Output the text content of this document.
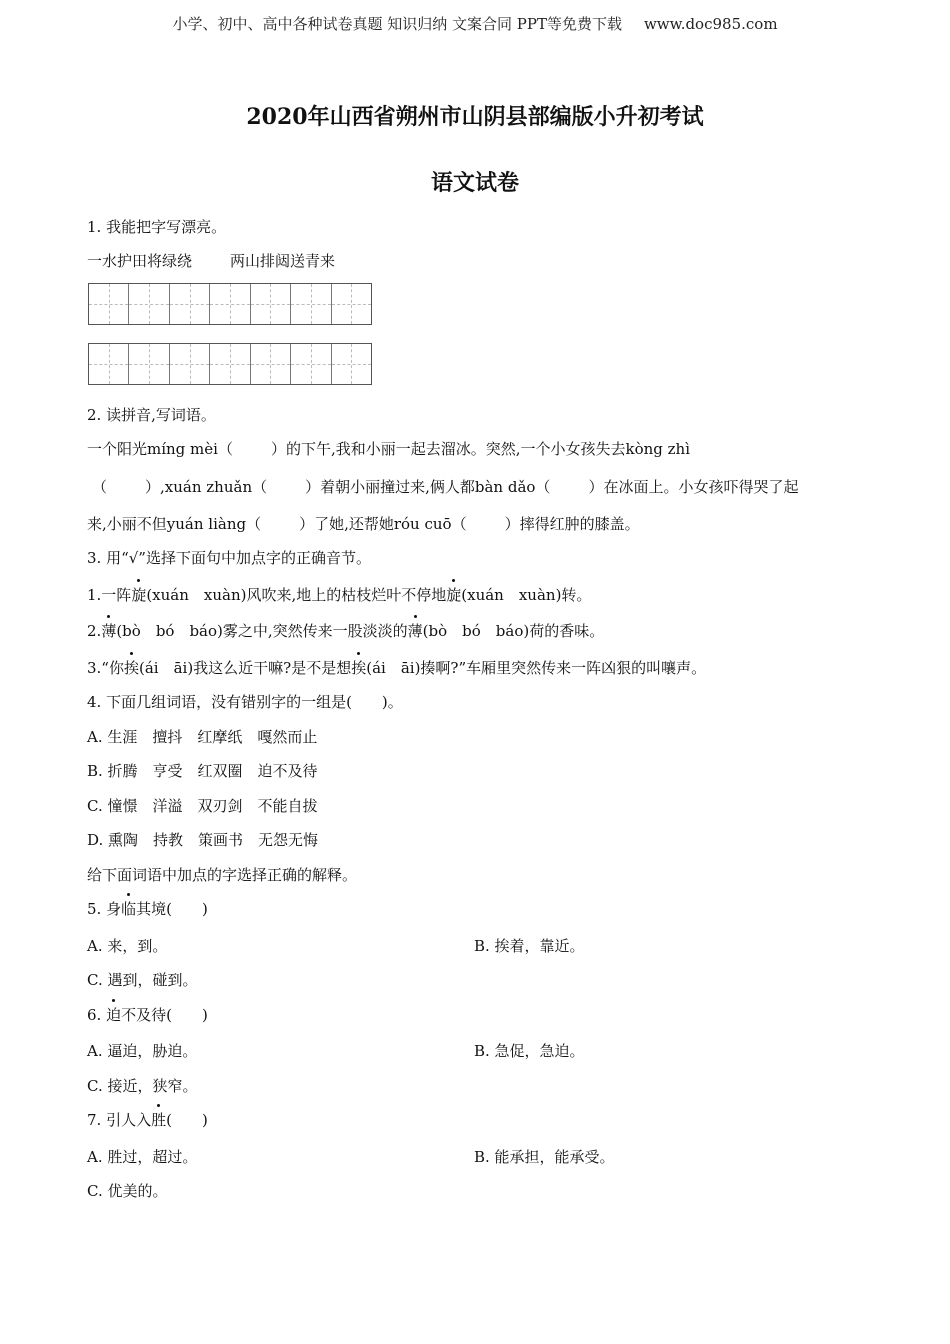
小学、初中、高中各种试卷真题 知识归纳 文案合同 PPT等免费下载 www.doc985.com
2020年山西省朔州市山阴县部编版小升初考试
语文试卷
1. 我能把字写漂亮。
一水护田将绿绕	两山排闼送青来
2. 读拼音,写词语。
一个阳光míng mèi（	）的下午,我和小丽一起去溜冰。突然,一个小女孩失去kòng zhì
（	）,xuán zhuǎn（	）着朝小丽撞过来,俩人都bàn dǎo（	）在冰面上。小女孩吓得哭了起
来,小丽不但yuán liàng（	）了她,还帮她róu cuō（	）摔得红肿的膝盖。
3. 用“√”选择下面句中加点字的正确音节。
1.一阵旋(xuán　xuàn)风吹来,地上的枯枝烂叶不停地旋(xuán　xuàn)转。
2.薄(bò　bó　báo)雾之中,突然传来一股淡淡的薄(bò　bó　báo)荷的香味。
3.“你挨(ái　āi)我这么近干嘛?是不是想挨(ái　āi)揍啊?”车厢里突然传来一阵凶狠的叫嚷声。
4. 下面几组词语，没有错别字的一组是(　　)。
A. 生涯　擅抖　红摩纸　嘎然而止
B. 折腾　亨受　红双圈　迫不及待
C. 憧憬　洋溢　双刃剑　不能自拔
D. 熏陶　持教　策画书　无怨无悔
给下面词语中加点的字选择正确的解释。
5. 身临其境(　　)
A. 来，到。	B. 挨着，靠近。
C. 遇到，碰到。
6. 迫不及待(　　)
A. 逼迫，胁迫。	B. 急促，急迫。
C. 接近，狭窄。
7. 引人入胜(　　)
A. 胜过，超过。	B. 能承担，能承受。
C. 优美的。
